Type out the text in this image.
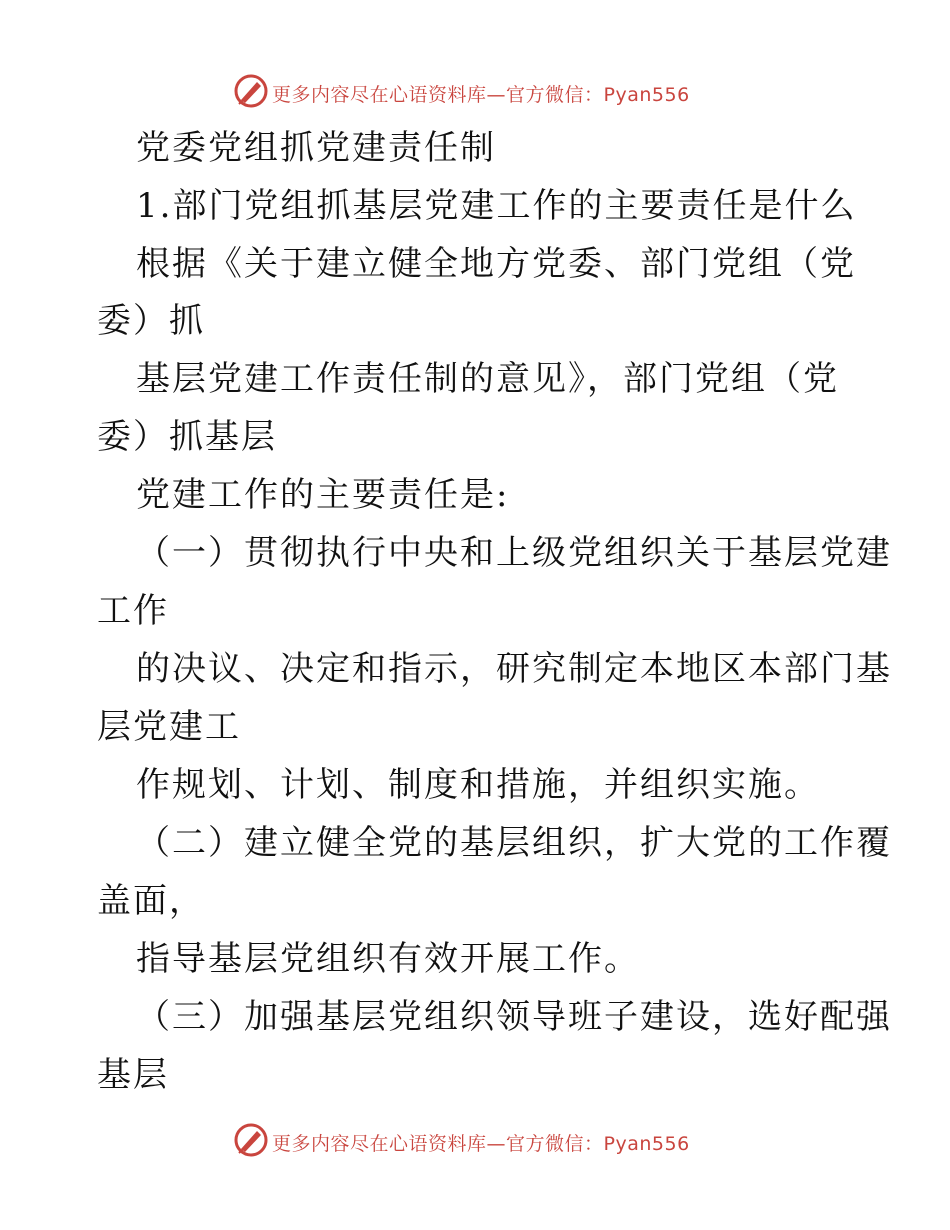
更多内容尽在心语资料库—官方微信：Pyan556
党委党组抓党建责任制
1.部门党组抓基层党建工作的主要责任是什么
根据《关于建立健全地方党委、部门党组（党
委）抓
基层党建工作责任制的意见》，部门党组（党
委）抓基层
党建工作的主要责任是:
（一）贯彻执行中央和上级党组织关于基层党建
工作
的决议、决定和指示，研究制定本地区本部门基
层党建工
作规划、计划、制度和措施，并组织实施。
（二）建立健全党的基层组织，扩大党的工作覆
盖面，
指导基层党组织有效开展工作。
（三）加强基层党组织领导班子建设，选好配强
基层
更多内容尽在心语资料库—官方微信：Pyan556
